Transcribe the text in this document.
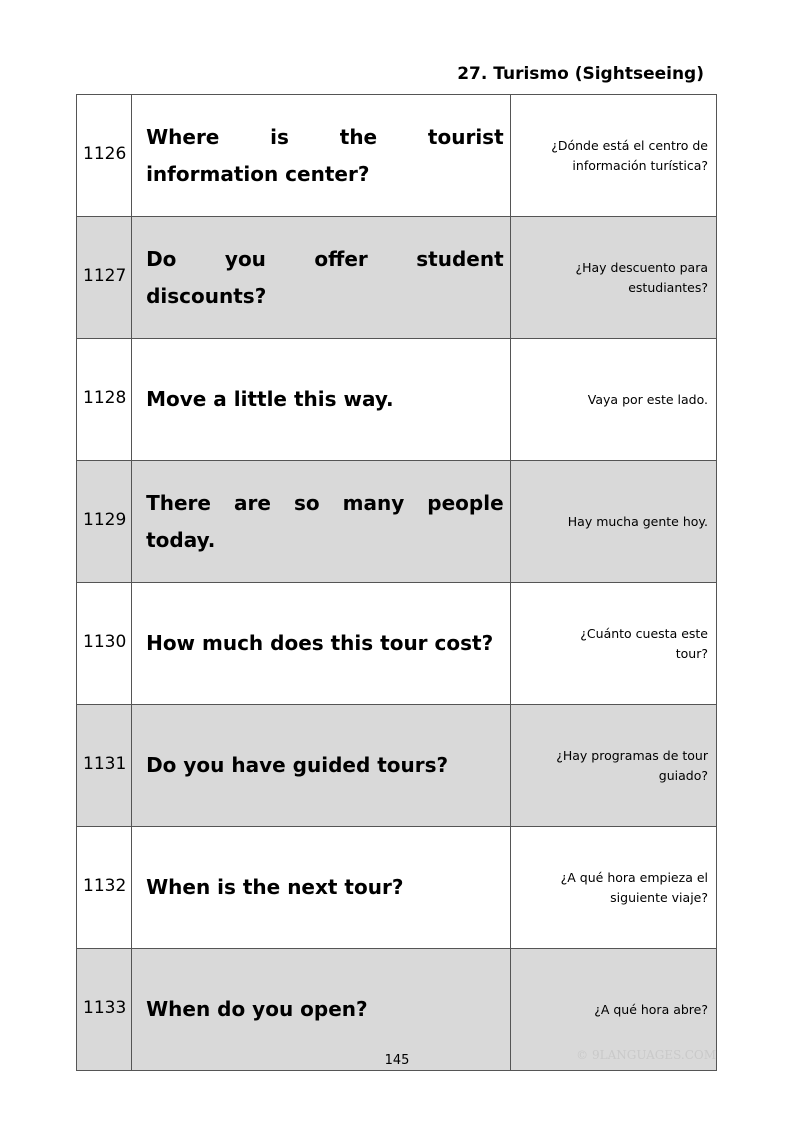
27. Turismo (Sightseeing)
1126	Where is the tourist information center?	¿Dónde está el centro de información turística?
1127	Do you offer student discounts?	¿Hay descuento para estudiantes?
1128	Move a little this way.	Vaya por este lado.
1129	There are so many people today.	Hay mucha gente hoy.
1130	How much does this tour cost?	¿Cuánto cuesta este tour?
1131	Do you have guided tours?	¿Hay programas de tour guiado?
1132	When is the next tour?	¿A qué hora empieza el siguiente viaje?
1133	When do you open?	¿A qué hora abre?
145	© 9LANGUAGES.COM
